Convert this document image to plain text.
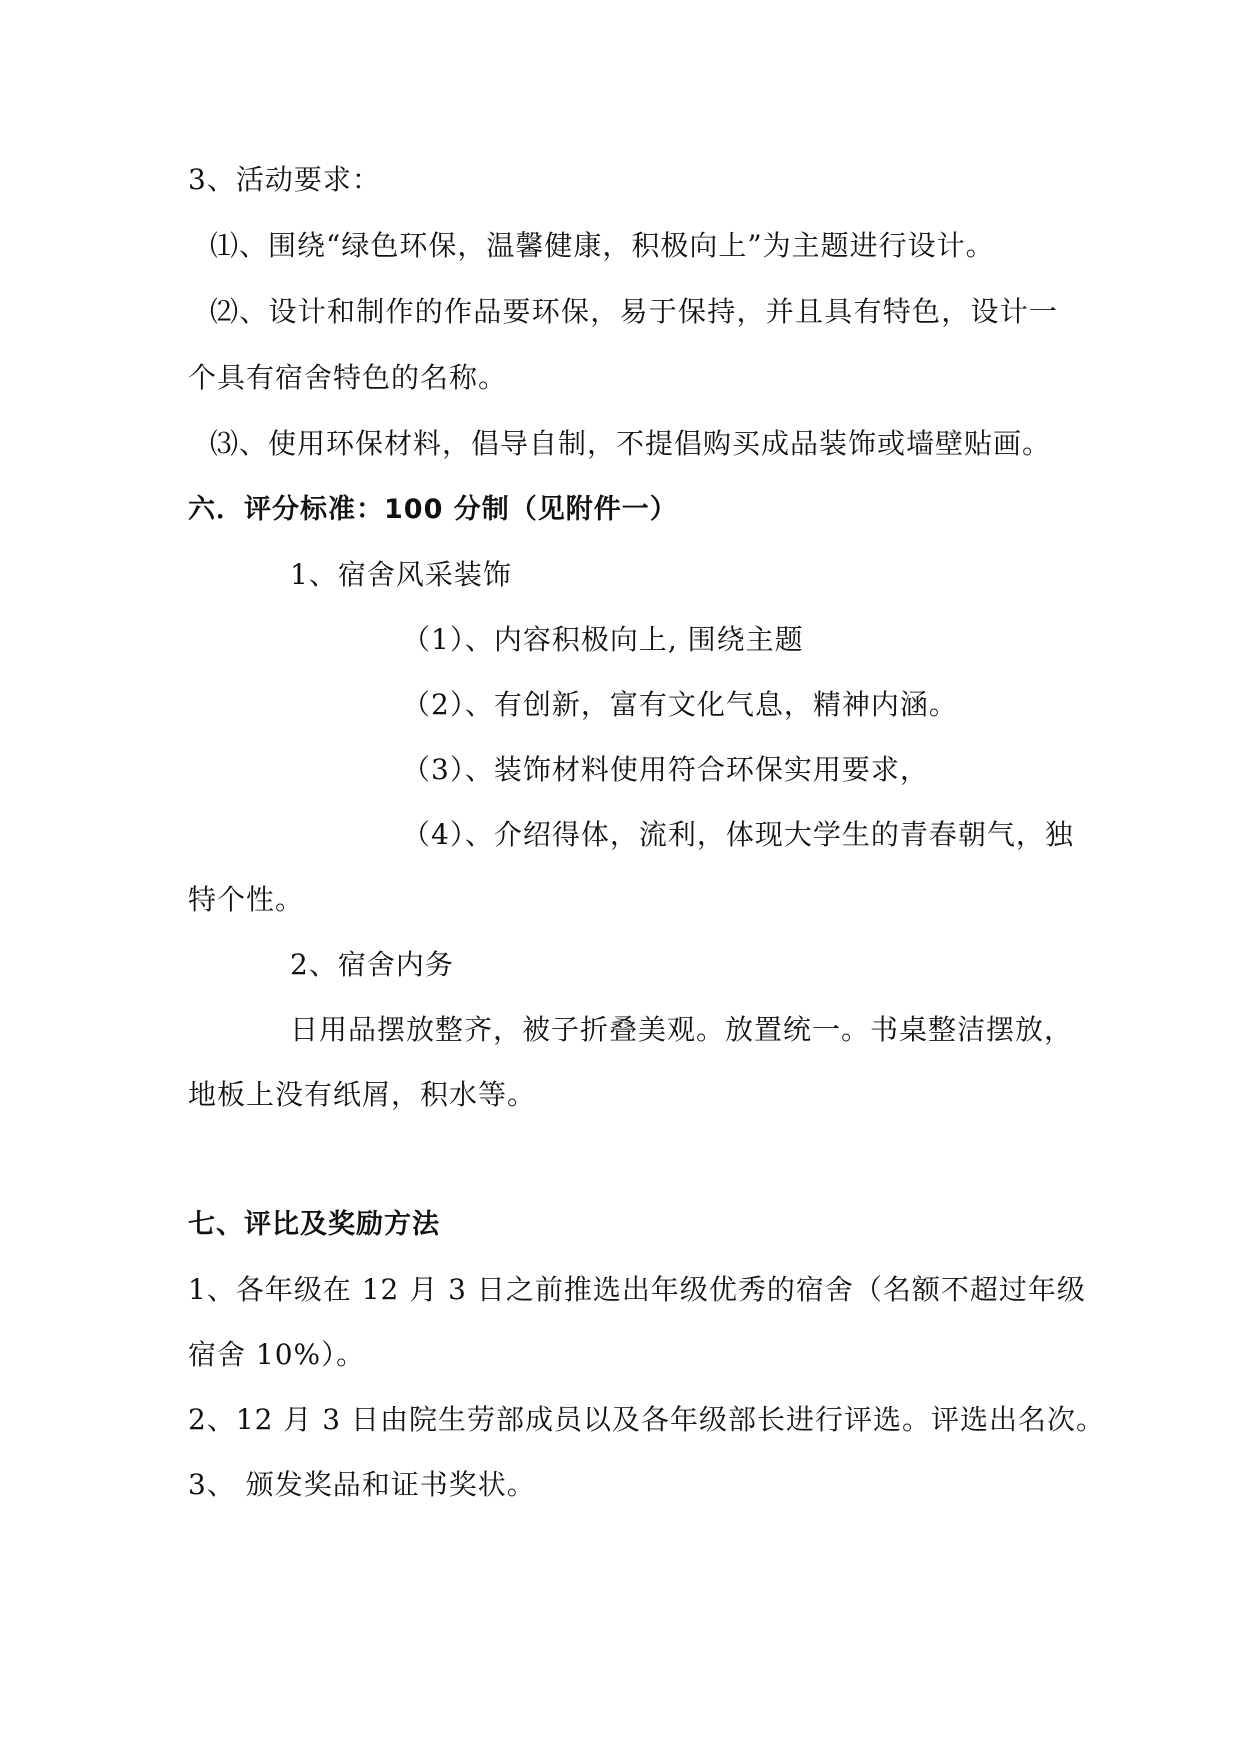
3、活动要求：
⑴、围绕“绿色环保，温馨健康，积极向上”为主题进行设计。
⑵、设计和制作的作品要环保，易于保持，并且具有特色，设计一
个具有宿舍特色的名称。
⑶、使用环保材料，倡导自制，不提倡购买成品装饰或墙壁贴画。
六．评分标准：100 分制（见附件一）
1、宿舍风采装饰
（1）、内容积极向上, 围绕主题
（2）、有创新，富有文化气息，精神内涵。
（3）、装饰材料使用符合环保实用要求，
（4）、介绍得体，流利，体现大学生的青春朝气，独
特个性。
2、宿舍内务
日用品摆放整齐，被子折叠美观。放置统一。书桌整洁摆放，
地板上没有纸屑，积水等。
七、评比及奖励方法
1、各年级在 12 月 3 日之前推选出年级优秀的宿舍（名额不超过年级
宿舍 10%）。
2、12 月 3 日由院生劳部成员以及各年级部长进行评选。评选出名次。
3、 颁发奖品和证书奖状。
